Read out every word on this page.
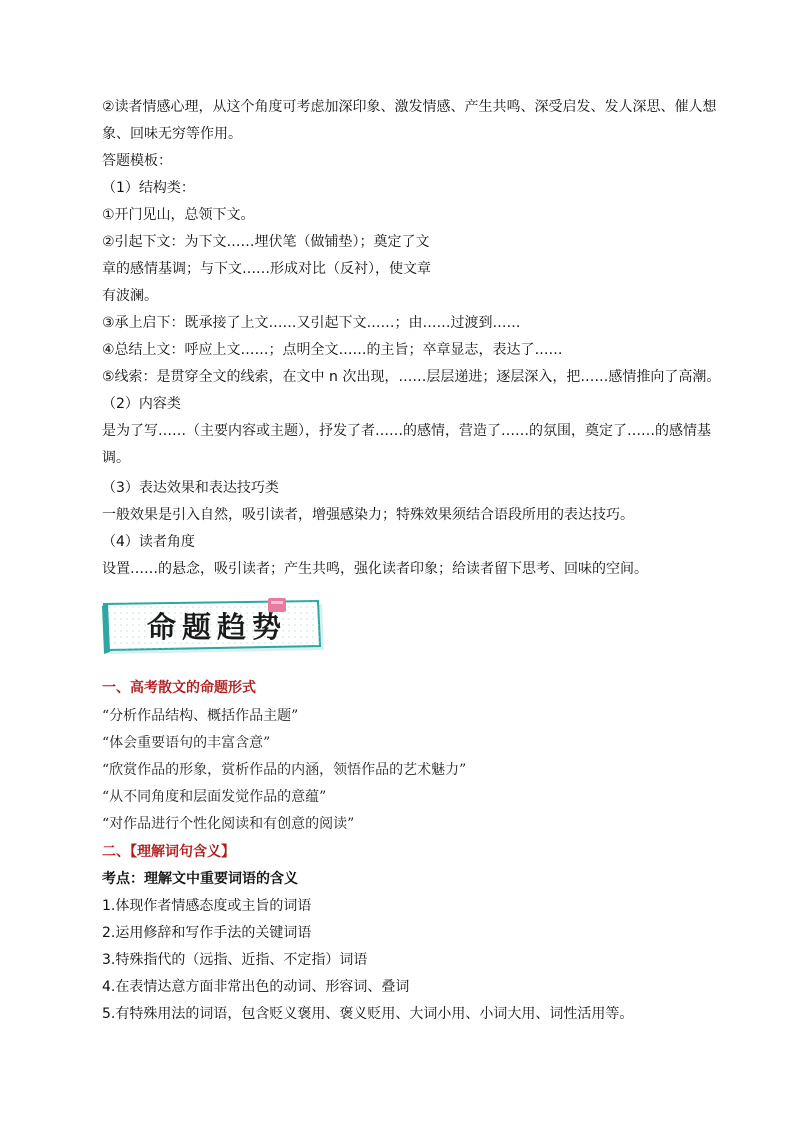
②读者情感心理，从这个角度可考虑加深印象、激发情感、产生共鸣、深受启发、发人深思、催人想
象、回味无穷等作用。
答题模板：
（1）结构类：
①开门见山，总领下文。
②引起下文：为下文……埋伏笔（做铺垫）；奠定了文
章的感情基调；与下文……形成对比（反衬），使文章
有波澜。
③承上启下：既承接了上文……又引起下文……；由……过渡到……
④总结上文：呼应上文……；点明全文……的主旨；卒章显志，表达了……
⑤线索：是贯穿全文的线索，在文中 n 次出现，……层层递进；逐层深入，把……感情推向了高潮。
（2）内容类
是为了写……（主要内容或主题），抒发了者……的感情，营造了……的氛围，奠定了……的感情基
调。
（3）表达效果和表达技巧类
一般效果是引入自然，吸引读者，增强感染力；特殊效果须结合语段所用的表达技巧。
（4）读者角度
设置……的悬念，吸引读者；产生共鸣，强化读者印象；给读者留下思考、回味的空间。
命题趋势
一、高考散文的命题形式
“分析作品结构、概括作品主题”
“体会重要语句的丰富含意”
“欣赏作品的形象，赏析作品的内涵，领悟作品的艺术魅力”
“从不同角度和层面发觉作品的意蕴”
“对作品进行个性化阅读和有创意的阅读”
二、【理解词句含义】
考点：理解文中重要词语的含义
1.体现作者情感态度或主旨的词语
2.运用修辞和写作手法的关键词语
3.特殊指代的（远指、近指、不定指）词语
4.在表情达意方面非常出色的动词、形容词、叠词
5.有特殊用法的词语，包含贬义褒用、褒义贬用、大词小用、小词大用、词性活用等。
